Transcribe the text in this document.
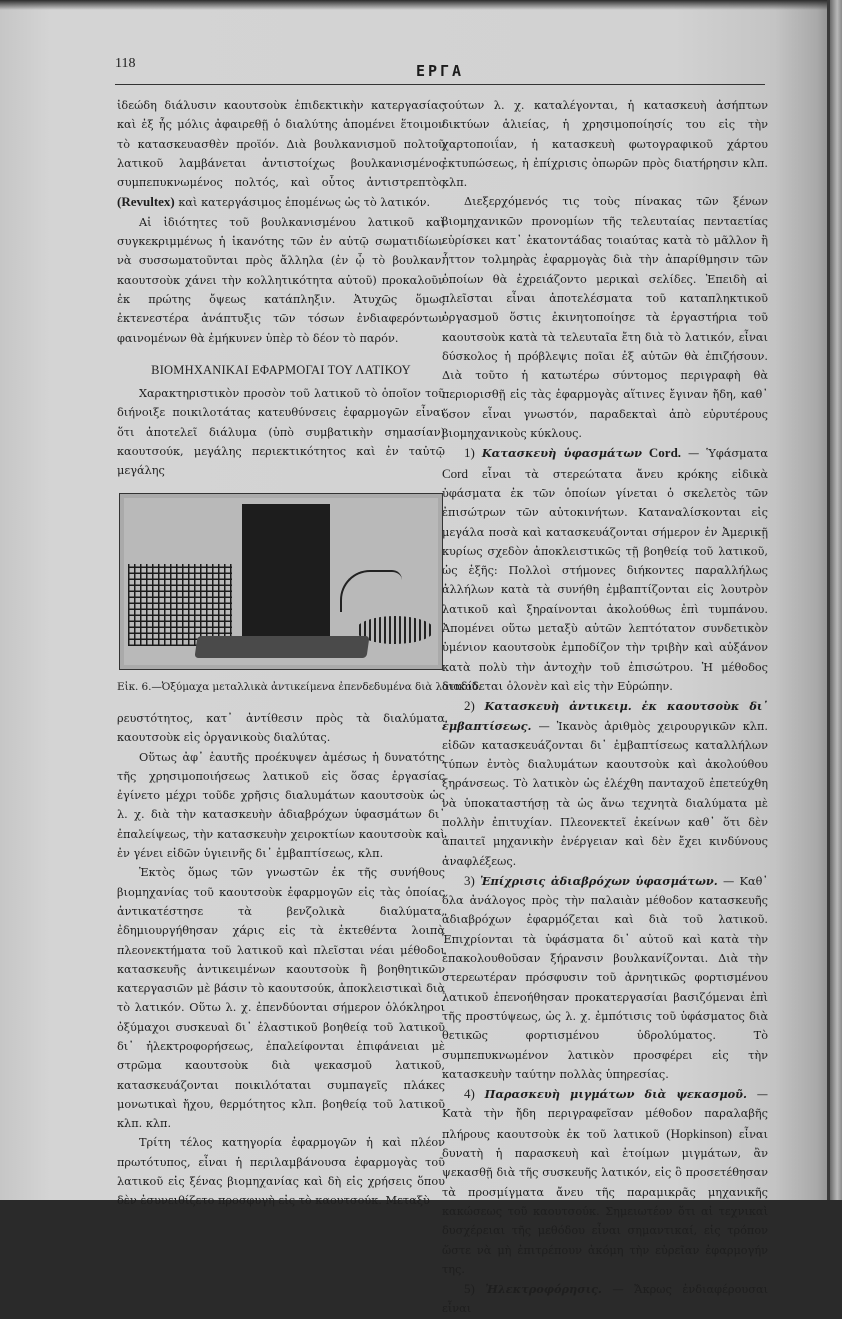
118	ΕΡΓΑ

ἰδεώδη διάλυσιν καουτσοὺκ ἐπιδεκτικὴν κατεργασίας καὶ ἐξ ἧς μόλις ἀφαιρεθῇ ὁ διαλύτης ἀπομένει ἕτοιμον τὸ κατασκευασθὲν προϊόν. Διὰ βουλκανισμοῦ πολτοῦ λατικοῦ λαμβάνεται ἀντιστοίχως βουλκανισμένος συμπεπυκνωμένος πολτός, καὶ οὗτος ἀντιστρεπτὸς (Revultex) καὶ κατεργάσιμος ἑπομένως ὡς τὸ λατικόν.

Αἱ ἰδιότητες τοῦ βουλκανισμένου λατικοῦ καὶ συγκεκριμμένως ἡ ἱκανότης τῶν ἐν αὐτῷ σωματιδίων νὰ συσσωματοῦνται πρὸς ἄλληλα (ἐν ᾧ τὸ βουλκαν. καουτσοὺκ χάνει τὴν κολλητικότητα αὐτοῦ) προκαλοῦν ἐκ πρώτης ὄψεως κατάπληξιν. Ἀτυχῶς ὅμως ἐκτενεστέρα ἀνάπτυξις τῶν τόσων ἐνδιαφερόντων φαινομένων θὰ ἐμήκυνεν ὑπὲρ τὸ δέον τὸ παρόν.

ΒΙΟΜΗΧΑΝΙΚΑΙ ΕΦΑΡΜΟΓΑΙ ΤΟΥ ΛΑΤΙΚΟΥ

Χαρακτηριστικὸν προσὸν τοῦ λατικοῦ τὸ ὁποῖον τοῦ διήνοιξε ποικιλοτάτας κατευθύνσεις ἐφαρμογῶν εἶναι ὅτι ἀποτελεῖ διάλυμα (ὑπὸ συμβατικὴν σημασίαν) καουτσούκ, μεγάλης περιεκτικότητος καὶ ἐν ταὐτῷ μεγάλης

Εἰκ. 6.—Ὀξύμαχα μεταλλικὰ ἀντικείμενα ἐπενδεδυμένα διὰ λατικοῦ.

ρευστότητος, κατ᾽ ἀντίθεσιν πρὸς τὰ διαλύματα καουτσοὺκ εἰς ὀργανικοὺς διαλύτας.

Οὕτως ἀφ᾽ ἑαυτῆς προέκυψεν ἀμέσως ἡ δυνατότης τῆς χρησιμοποιήσεως λατικοῦ εἰς ὅσας ἐργασίας ἐγίνετο μέχρι τοῦδε χρῆσις διαλυμάτων καουτσοὺκ ὡς λ. χ. διὰ τὴν κατασκευὴν ἀδιαβρόχων ὑφασμάτων δι᾽ ἐπαλείψεως, τὴν κατασκευὴν χειροκτίων καουτσοὺκ καὶ ἐν γένει εἰδῶν ὑγιεινῆς δι᾽ ἐμβαπτίσεως, κλπ.

Ἐκτὸς ὅμως τῶν γνωστῶν ἐκ τῆς συνήθους βιομηχανίας τοῦ καουτσοὺκ ἐφαρμογῶν εἰς τὰς ὁποίας ἀντικατέστησε τὰ βενζολικὰ διαλύματα, ἐδημιουργήθησαν χάρις εἰς τὰ ἐκτεθέντα λοιπὰ πλεονεκτήματα τοῦ λατικοῦ καὶ πλεῖσται νέαι μέθοδοι κατασκευῆς ἀντικειμένων καουτσοὺκ ἢ βοηθητικῶν κατεργασιῶν μὲ βάσιν τὸ καουτσούκ, ἀποκλειστικαὶ διὰ τὸ λατικόν. Οὕτω λ. χ. ἐπενδύονται σήμερον ὁλόκληροι ὀξύμαχοι συσκευαὶ δι᾽ ἐλαστικοῦ βοηθείᾳ τοῦ λατικοῦ δι᾽ ἠλεκτροφορήσεως, ἐπαλείφονται ἐπιφάνειαι μὲ στρῶμα καουτσοὺκ διὰ ψεκασμοῦ λατικοῦ, κατασκευάζονται ποικιλόταται συμπαγεῖς πλάκες μονωτικαὶ ἤχου, θερμότητος κλπ. βοηθείᾳ τοῦ λατικοῦ κλπ. κλπ.

Τρίτη τέλος κατηγορία ἐφαρμογῶν ἡ καὶ πλέον πρωτότυπος, εἶναι ἡ περιλαμβάνουσα ἐφαρμογὰς τοῦ λατικοῦ εἰς ξένας βιομηχανίας καὶ δὴ εἰς χρήσεις ὅπου δὲν ἐσυνειθίζετο προσφυγὴ εἰς τὸ καουτσούκ. Μεταξὺ

τούτων λ. χ. καταλέγονται, ἡ κατασκευὴ ἀσήπτων δικτύων ἁλιείας, ἡ χρησιμοποίησίς του εἰς τὴν χαρτοποιΐαν, ἡ κατασκευὴ φωτογραφικοῦ χάρτου ἐκτυπώσεως, ἡ ἐπίχρισις ὀπωρῶν πρὸς διατήρησιν κλπ. κλπ.

Διεξερχόμενός τις τοὺς πίνακας τῶν ξένων βιομηχανικῶν προνομίων τῆς τελευταίας πενταετίας εὑρίσκει κατ᾽ ἑκατοντάδας τοιαύτας κατὰ τὸ μᾶλλον ἢ ἧττον τολμηρὰς ἐφαρμογὰς διὰ τὴν ἀπαρίθμησιν τῶν ὁποίων θὰ ἐχρειάζοντο μερικαὶ σελίδες. Ἐπειδὴ αἱ πλεῖσται εἶναι ἀποτελέσματα τοῦ καταπληκτικοῦ ὀργασμοῦ ὅστις ἐκινητοποίησε τὰ ἐργαστήρια τοῦ καουτσοὺκ κατὰ τὰ τελευταῖα ἔτη διὰ τὸ λατικόν, εἶναι δύσκολος ἡ πρόβλεψις ποῖαι ἐξ αὐτῶν θὰ ἐπιζήσουν. Διὰ τοῦτο ἡ κατωτέρω σύντομος περιγραφὴ θὰ περιορισθῇ εἰς τὰς ἐφαρμογὰς αἵτινες ἔγιναν ἤδη, καθ᾽ ὅσον εἶναι γνωστόν, παραδεκταὶ ἀπὸ εὐρυτέρους βιομηχανικοὺς κύκλους.

1) Κατασκευὴ ὑφασμάτων Cord. — Ὑφάσματα Cord εἶναι τὰ στερεώτατα ἄνευ κρόκης εἰδικὰ ὑφάσματα ἐκ τῶν ὁποίων γίνεται ὁ σκελετὸς τῶν ἐπισώτρων τῶν αὐτοκινήτων. Καταναλίσκονται εἰς μεγάλα ποσὰ καὶ κατασκευάζονται σήμερον ἐν Ἀμερικῇ κυρίως σχεδὸν ἀποκλειστικῶς τῇ βοηθείᾳ τοῦ λατικοῦ, ὡς ἑξῆς: Πολλοὶ στήμονες διήκοντες παραλλήλως ἀλλήλων κατὰ τὰ συνήθη ἐμβαπτίζονται εἰς λουτρὸν λατικοῦ καὶ ξηραίνονται ἀκολούθως ἐπὶ τυμπάνου. Ἀπομένει οὕτω μεταξὺ αὐτῶν λεπτότατον συνδετικὸν ὑμένιον καουτσοὺκ ἐμποδίζον τὴν τριβὴν καὶ αὐξάνον κατὰ πολὺ τὴν ἀντοχὴν τοῦ ἐπισώτρου. Ἡ μέθοδος διαδίδεται ὁλονὲν καὶ εἰς τὴν Εὐρώπην.

2) Κατασκευὴ ἀντικειμ. ἐκ καουτσοὺκ δι᾽ ἐμβαπτίσεως. — Ἱκανὸς ἀριθμὸς χειρουργικῶν κλπ. εἰδῶν κατασκευάζονται δι᾽ ἐμβαπτίσεως καταλλήλων τύπων ἐντὸς διαλυμάτων καουτσοὺκ καὶ ἀκολούθου ξηράνσεως. Τὸ λατικὸν ὡς ἐλέχθη πανταχοῦ ἐπετεύχθη νὰ ὑποκαταστήσῃ τὰ ὡς ἄνω τεχνητὰ διαλύματα μὲ πολλὴν ἐπιτυχίαν. Πλεονεκτεῖ ἐκείνων καθ᾽ ὅτι δὲν ἀπαιτεῖ μηχανικὴν ἐνέργειαν καὶ δὲν ἔχει κινδύνους ἀναφλέξεως.

3) Ἐπίχρισις ἀδιαβρόχων ὑφασμάτων. — Καθ᾽ ὅλα ἀνάλογος πρὸς τὴν παλαιὰν μέθοδον κατασκευῆς ἀδιαβρόχων ἐφαρμόζεται καὶ διὰ τοῦ λατικοῦ. Ἐπιχρίονται τὰ ὑφάσματα δι᾽ αὐτοῦ καὶ κατὰ τὴν ἐπακολουθοῦσαν ξήρανσιν βουλκανίζονται. Διὰ τὴν στερεωτέραν πρόσφυσιν τοῦ ἀρνητικῶς φορτισμένου λατικοῦ ἐπενοήθησαν προκατεργασίαι βασιζόμεναι ἐπὶ τῆς προστύψεως, ὡς λ. χ. ἐμπότισις τοῦ ὑφάσματος διὰ θετικῶς φορτισμένου ὑδρολύματος. Τὸ συμπεπυκνωμένον λατικὸν προσφέρει εἰς τὴν κατασκευὴν ταύτην πολλὰς ὑπηρεσίας.

4) Παρασκευὴ μιγμάτων διὰ ψεκασμοῦ. — Κατὰ τὴν ἤδη περιγραφεῖσαν μέθοδον παραλαβῆς πλήρους καουτσοὺκ ἐκ τοῦ λατικοῦ (Hopkinson) εἶναι δυνατὴ ἡ παρασκευὴ καὶ ἑτοίμων μιγμάτων, ἂν ψεκασθῇ διὰ τῆς συσκευῆς λατικόν, εἰς ὃ προσετέθησαν τὰ προσμίγματα ἄνευ τῆς παραμικρᾶς μηχανικῆς κακώσεως τοῦ καουτσούκ. Σημειωτέον ὅτι αἱ τεχνικαὶ δυσχέρειαι τῆς μεθόδου εἶναι σημαντικαί, εἰς τρόπον ὥστε νὰ μὴ ἐπιτρέπουν ἀκόμη τὴν εὑρεῖαν ἐφαρμογήν της.

5) Ἠλεκτροφόρησις. — Ἄκρως ἐνδιαφέρουσαι εἶναι
